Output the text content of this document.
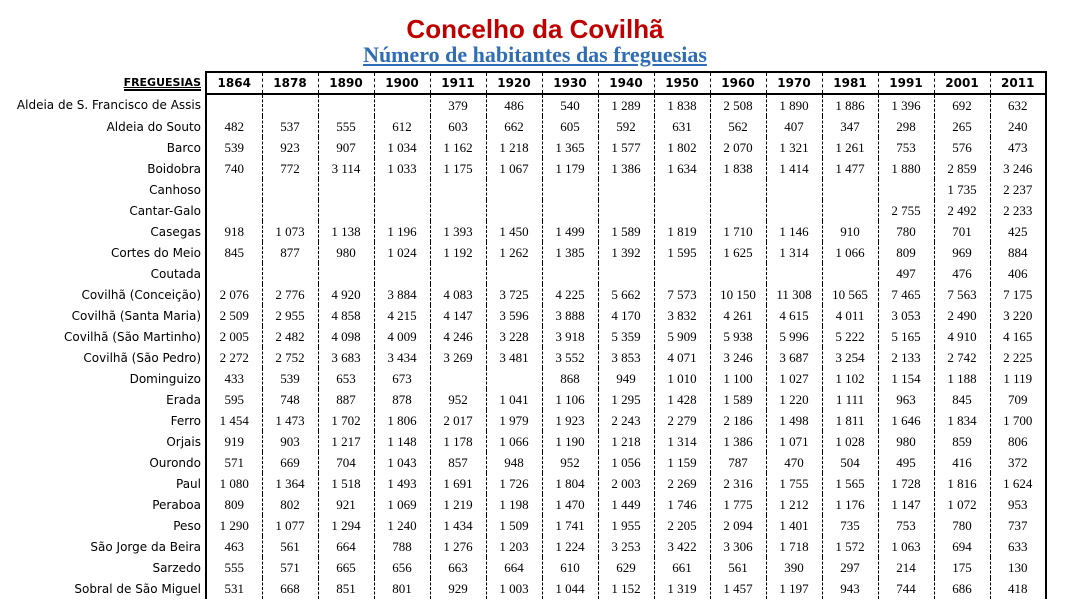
Concelho da Covilhã
Número de habitantes das freguesias
FREGUESIAS	1864	1878	1890	1900	1911	1920	1930	1940	1950	1960	1970	1981	1991	2001	2011
Aldeia de S. Francisco de Assis					379	486	540	1 289	1 838	2 508	1 890	1 886	1 396	692	632
Aldeia do Souto	482	537	555	612	603	662	605	592	631	562	407	347	298	265	240
Barco	539	923	907	1 034	1 162	1 218	1 365	1 577	1 802	2 070	1 321	1 261	753	576	473
Boidobra	740	772	3 114	1 033	1 175	1 067	1 179	1 386	1 634	1 838	1 414	1 477	1 880	2 859	3 246
Canhoso														1 735	2 237
Cantar-Galo													2 755	2 492	2 233
Casegas	918	1 073	1 138	1 196	1 393	1 450	1 499	1 589	1 819	1 710	1 146	910	780	701	425
Cortes do Meio	845	877	980	1 024	1 192	1 262	1 385	1 392	1 595	1 625	1 314	1 066	809	969	884
Coutada													497	476	406
Covilhã (Conceição)	2 076	2 776	4 920	3 884	4 083	3 725	4 225	5 662	7 573	10 150	11 308	10 565	7 465	7 563	7 175
Covilhã (Santa Maria)	2 509	2 955	4 858	4 215	4 147	3 596	3 888	4 170	3 832	4 261	4 615	4 011	3 053	2 490	3 220
Covilhã (São Martinho)	2 005	2 482	4 098	4 009	4 246	3 228	3 918	5 359	5 909	5 938	5 996	5 222	5 165	4 910	4 165
Covilhã (São Pedro)	2 272	2 752	3 683	3 434	3 269	3 481	3 552	3 853	4 071	3 246	3 687	3 254	2 133	2 742	2 225
Dominguizo	433	539	653	673			868	949	1 010	1 100	1 027	1 102	1 154	1 188	1 119
Erada	595	748	887	878	952	1 041	1 106	1 295	1 428	1 589	1 220	1 111	963	845	709
Ferro	1 454	1 473	1 702	1 806	2 017	1 979	1 923	2 243	2 279	2 186	1 498	1 811	1 646	1 834	1 700
Orjais	919	903	1 217	1 148	1 178	1 066	1 190	1 218	1 314	1 386	1 071	1 028	980	859	806
Ourondo	571	669	704	1 043	857	948	952	1 056	1 159	787	470	504	495	416	372
Paul	1 080	1 364	1 518	1 493	1 691	1 726	1 804	2 003	2 269	2 316	1 755	1 565	1 728	1 816	1 624
Peraboa	809	802	921	1 069	1 219	1 198	1 470	1 449	1 746	1 775	1 212	1 176	1 147	1 072	953
Peso	1 290	1 077	1 294	1 240	1 434	1 509	1 741	1 955	2 205	2 094	1 401	735	753	780	737
São Jorge da Beira	463	561	664	788	1 276	1 203	1 224	3 253	3 422	3 306	1 718	1 572	1 063	694	633
Sarzedo	555	571	665	656	663	664	610	629	661	561	390	297	214	175	130
Sobral de São Miguel	531	668	851	801	929	1 003	1 044	1 152	1 319	1 457	1 197	943	744	686	418
